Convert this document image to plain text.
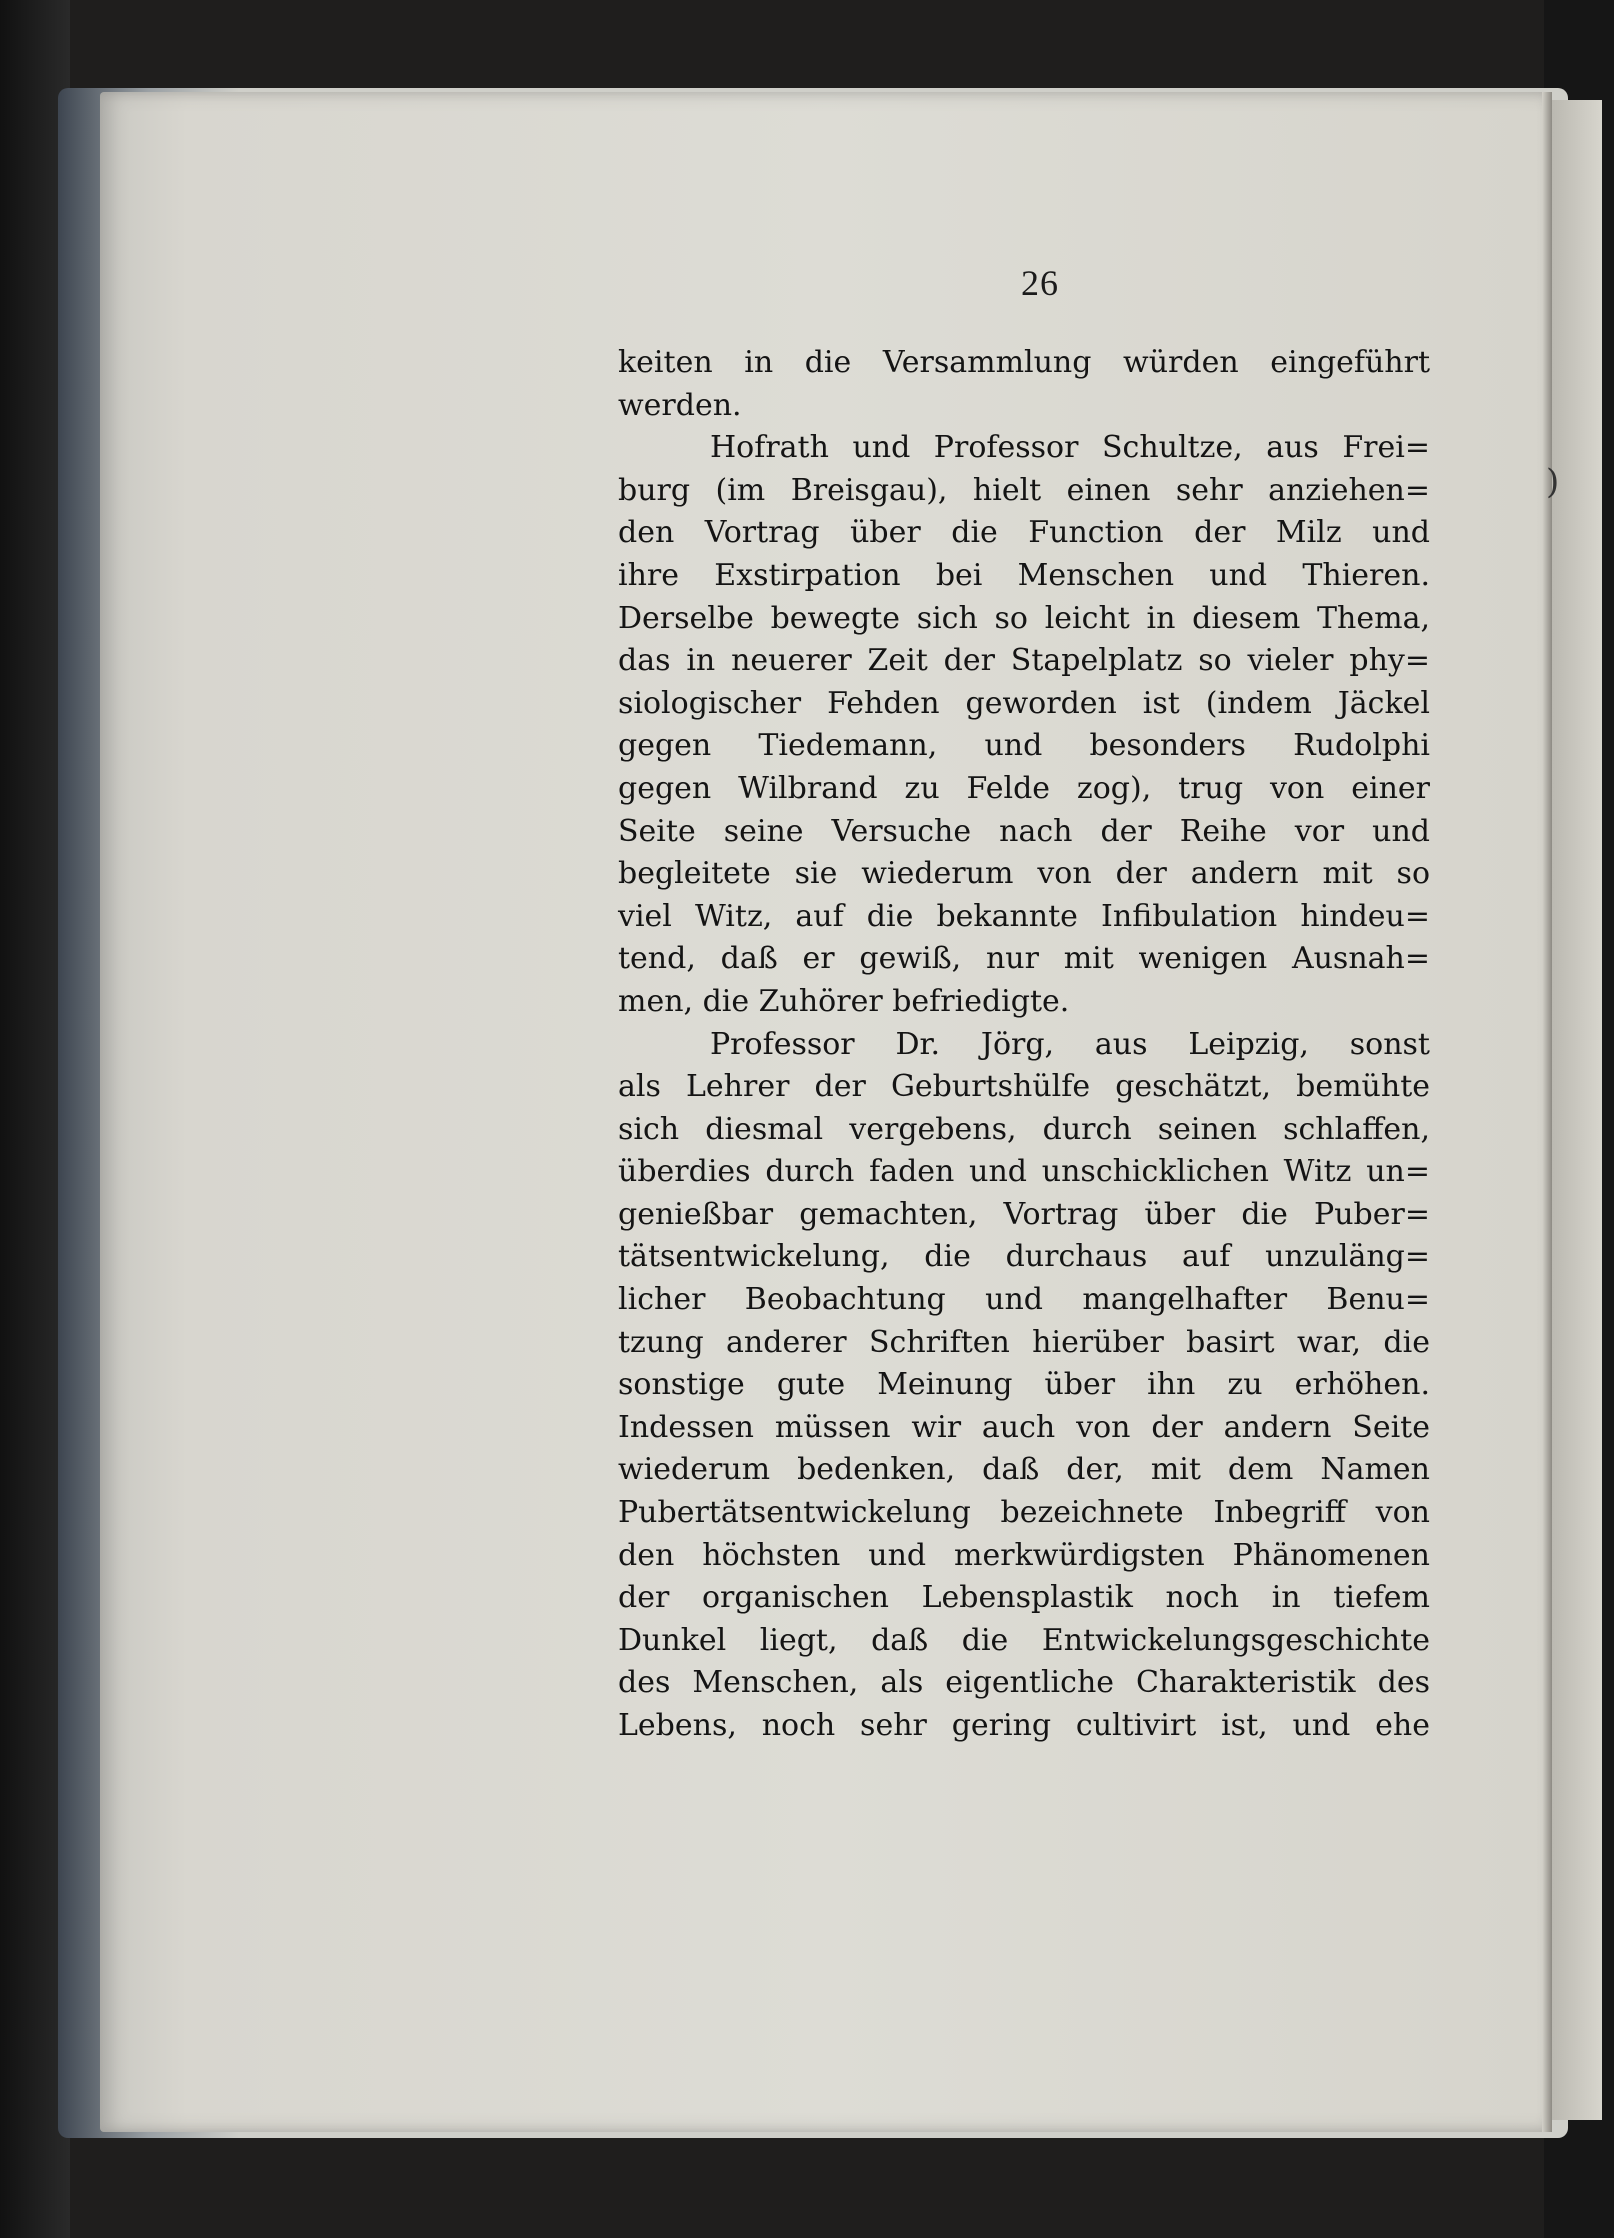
26
keiten in die Versammlung würden eingeführt
werden.
Hofrath und Professor Schultze, aus Frei=
burg (im Breisgau), hielt einen sehr anziehen=
den Vortrag über die Function der Milz und
ihre Exstirpation bei Menschen und Thieren.
Derselbe bewegte sich so leicht in diesem Thema,
das in neuerer Zeit der Stapelplatz so vieler phy=
siologischer Fehden geworden ist (indem Jäckel
gegen Tiedemann, und besonders Rudolphi
gegen Wilbrand zu Felde zog), trug von einer
Seite seine Versuche nach der Reihe vor und
begleitete sie wiederum von der andern mit so
viel Witz, auf die bekannte Infibulation hindeu=
tend, daß er gewiß, nur mit wenigen Ausnah=
men, die Zuhörer befriedigte.
Professor Dr. Jörg, aus Leipzig, sonst
als Lehrer der Geburtshülfe geschätzt, bemühte
sich diesmal vergebens, durch seinen schlaffen,
überdies durch faden und unschicklichen Witz un=
genießbar gemachten, Vortrag über die Puber=
tätsentwickelung, die durchaus auf unzuläng=
licher Beobachtung und mangelhafter Benu=
tzung anderer Schriften hierüber basirt war, die
sonstige gute Meinung über ihn zu erhöhen.
Indessen müssen wir auch von der andern Seite
wiederum bedenken, daß der, mit dem Namen
Pubertätsentwickelung bezeichnete Inbegriff von
den höchsten und merkwürdigsten Phänomenen
der organischen Lebensplastik noch in tiefem
Dunkel liegt, daß die Entwickelungsgeschichte
des Menschen, als eigentliche Charakteristik des
Lebens, noch sehr gering cultivirt ist, und ehe
)
